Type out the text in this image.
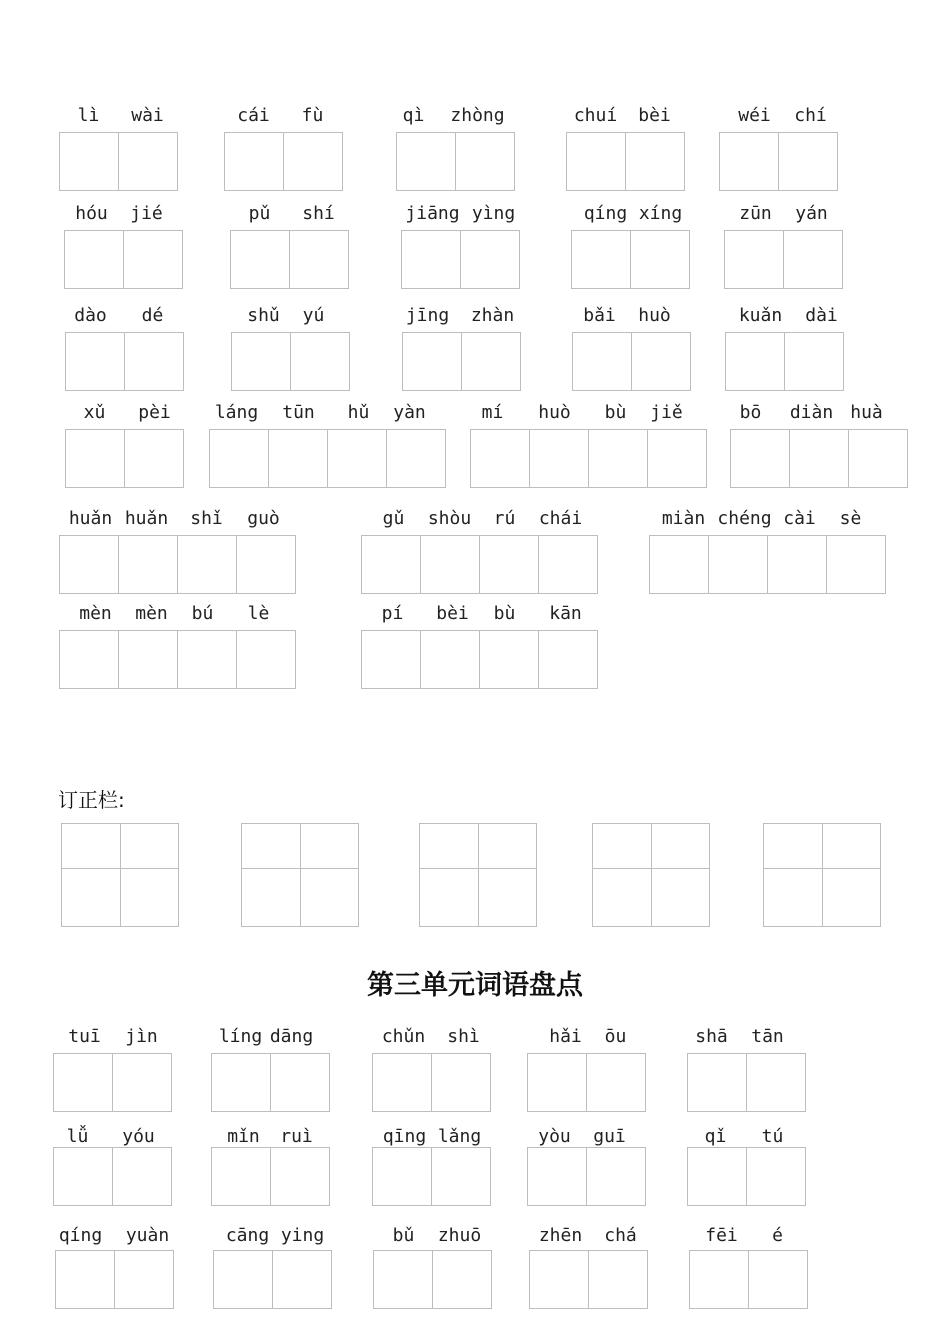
lì	wài	cái	fù	qì	zhòng	chuí	bèi	wéi	chí
hóu	jié	pǔ	shí	jiāng yìng	qíng xíng	zūn	yán
dào	dé	shǔ	yú	jīng	zhàn	bǎi	huò	kuǎn	dài
xǔ	pèi	láng	tūn	hǔ	yàn	mí	huò	bù	jiě	bō	diàn huà
huǎn huǎn	shǐ	guò	gǔ	shòu	rú	chái	miàn chéng cài	sè
mèn	mèn	bú	lè	pí	bèi	bù	kān
订正栏:
第三单元词语盘点
tuī	jìn	líng dāng	chǔn	shì	hǎi	ōu	shā	tān
lǚ	yóu	mǐn	ruì	qīng lǎng	yòu	guī	qǐ	tú
qíng	yuàn	cāng ying	bǔ	zhuō	zhēn	chá	fēi	é
